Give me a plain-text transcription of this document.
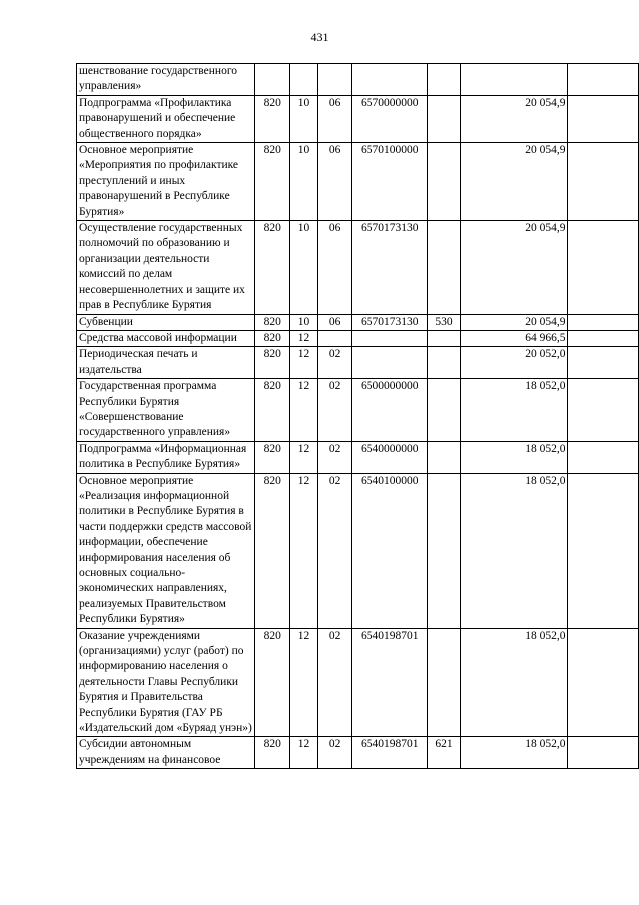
431
шенствование государственного управления»							
Подпрограмма «Профилактика правонарушений и обеспечение общественного порядка»	820	10	06	6570000000		20 054,9	
Основное мероприятие «Мероприятия по профилактике преступлений и иных правонарушений в Республике Бурятия»	820	10	06	6570100000		20 054,9	
Осуществление государственных полномочий по образованию и организации деятельности комиссий по делам несовершеннолетних и защите их прав в Республике Бурятия	820	10	06	6570173130		20 054,9	
Субвенции	820	10	06	6570173130	530	20 054,9	
Средства массовой информации	820	12				64 966,5	
Периодическая печать и издательства	820	12	02			20 052,0	
Государственная программа Республики Бурятия «Совершенствование государственного управления»	820	12	02	6500000000		18 052,0	
Подпрограмма «Информационная политика в Республике Бурятия»	820	12	02	6540000000		18 052,0	
Основное мероприятие «Реализация информационной политики в Республике Бурятия в части поддержки средств массовой информации, обеспечение информирования населения об основных социально-экономических направлениях, реализуемых Правительством Республики Бурятия»	820	12	02	6540100000		18 052,0	
Оказание учреждениями (организациями) услуг (работ) по информированию населения о деятельности Главы Республики Бурятия и Правительства Республики Бурятия (ГАУ РБ «Издательский дом «Буряад унэн»)	820	12	02	6540198701		18 052,0	
Субсидии автономным учреждениям на финансовое	820	12	02	6540198701	621	18 052,0	
